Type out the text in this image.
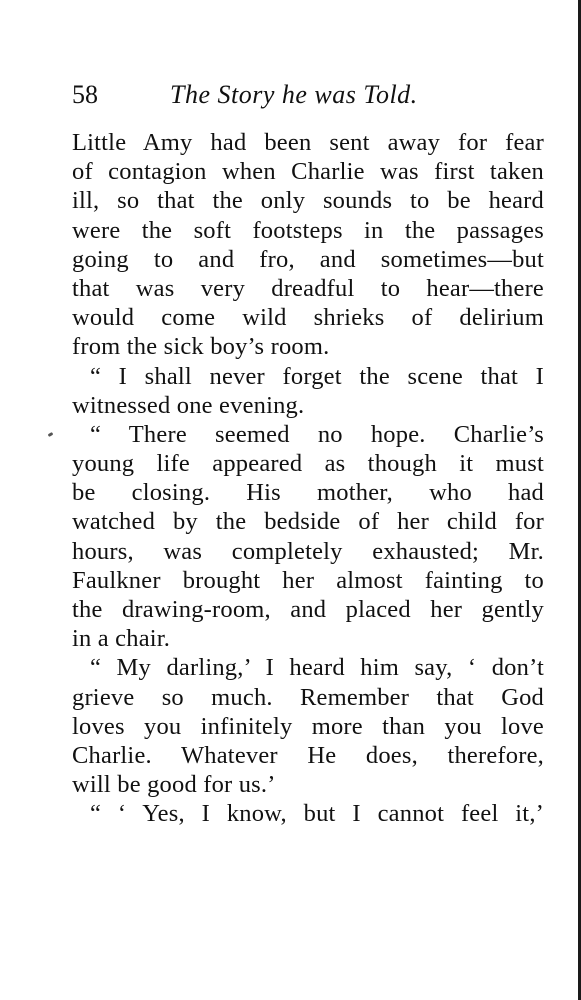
58	The Story he was Told.
Little Amy had been sent away for fear
of contagion when Charlie was first taken
ill, so that the only sounds to be heard
were the soft footsteps in the passages
going to and fro, and sometimes—but
that was very dreadful to hear—there
would come wild shrieks of delirium
from the sick boy’s room.
“ I shall never forget the scene that I
witnessed one evening.
“ There seemed no hope. Charlie’s
young life appeared as though it must
be closing. His mother, who had
watched by the bedside of her child for
hours, was completely exhausted; Mr.
Faulkner brought her almost fainting to
the drawing-room, and placed her gently
in a chair.
“ My darling,’ I heard him say, ‘ don’t
grieve so much. Remember that God
loves you infinitely more than you love
Charlie. Whatever He does, therefore,
will be good for us.’
“ ‘ Yes, I know, but I cannot feel it,’
